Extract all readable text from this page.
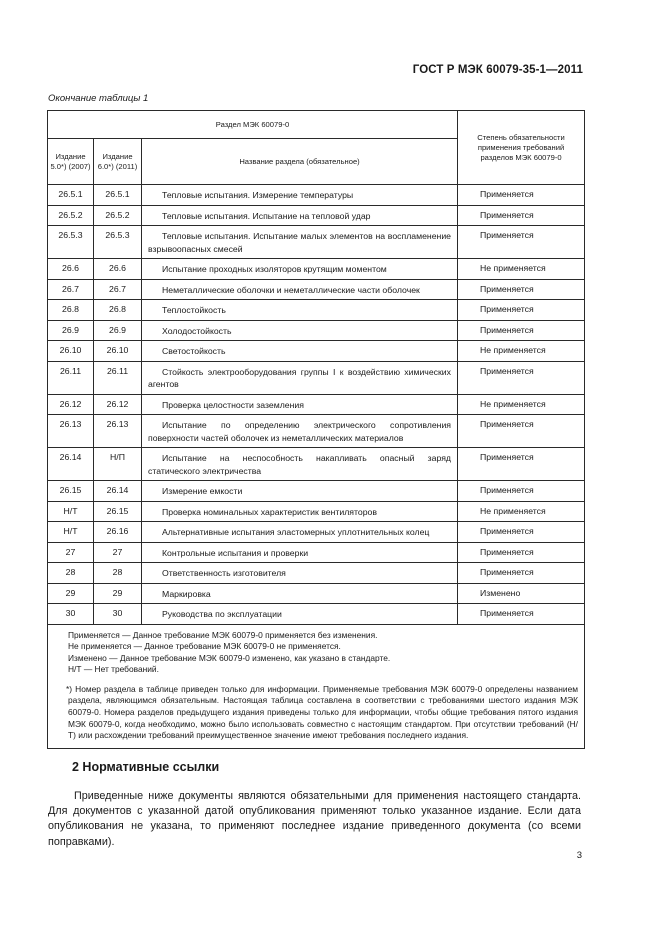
ГОСТ Р МЭК 60079-35-1—2011
Окончание таблицы 1
Раздел МЭК 60079-0			Степень обязательности применения требований разделов МЭК 60079-0
Издание 5.0*) (2007)	Издание 6.0*) (2011)	Название раздела (обязательное)	
26.5.1	26.5.1	Тепловые испытания. Измерение температуры	Применяется
26.5.2	26.5.2	Тепловые испытания. Испытание на тепловой удар	Применяется
26.5.3	26.5.3	Тепловые испытания. Испытание малых элементов на воспламенение взрывоопасных смесей	Применяется
26.6	26.6	Испытание проходных изоляторов крутящим моментом	Не применяется
26.7	26.7	Неметаллические оболочки и неметаллические части оболочек	Применяется
26.8	26.8	Теплостойкость	Применяется
26.9	26.9	Холодостойкость	Применяется
26.10	26.10	Светостойкость	Не применяется
26.11	26.11	Стойкость электрооборудования группы I к воздействию химических агентов	Применяется
26.12	26.12	Проверка целостности заземления	Не применяется
26.13	26.13	Испытание по определению электрического сопротивления поверхности частей оболочек из неметаллических материалов	Применяется
26.14	Н/П	Испытание на неспособность накапливать опасный заряд статического электричества	Применяется
26.15	26.14	Измерение емкости	Применяется
Н/Т	26.15	Проверка номинальных характеристик вентиляторов	Не применяется
Н/Т	26.16	Альтернативные испытания эластомерных уплотнительных колец	Применяется
27	27	Контрольные испытания и проверки	Применяется
28	28	Ответственность изготовителя	Применяется
29	29	Маркировка	Изменено
30	30	Руководства по эксплуатации	Применяется

Применяется — Данное требование МЭК 60079-0 применяется без изменения.
Не применяется — Данное требование МЭК 60079-0 не применяется.
Изменено — Данное требование МЭК 60079-0 изменено, как указано в стандарте.
Н/Т — Нет требований.
*) Номер раздела в таблице приведен только для информации. Применяемые требования МЭК 60079-0 определены названием раздела, являющимся обязательным. Настоящая таблица составлена в соответствии с требованиями шестого издания МЭК 60079-0. Номера разделов предыдущего издания приведены только для информации, чтобы общие требования пятого издания МЭК 60079-0, когда необходимо, можно было использовать совместно с настоящим стандартом. При отсутствии требований (Н/Т) или расхождении требований преимущественное значение имеют требования последнего издания.			
2 Нормативные ссылки
Приведенные ниже документы являются обязательными для применения настоящего стандарта. Для документов с указанной датой опубликования применяют только указанное издание. Если дата опубликования не указана, то применяют последнее издание приведенного документа (со всеми поправками).
3
